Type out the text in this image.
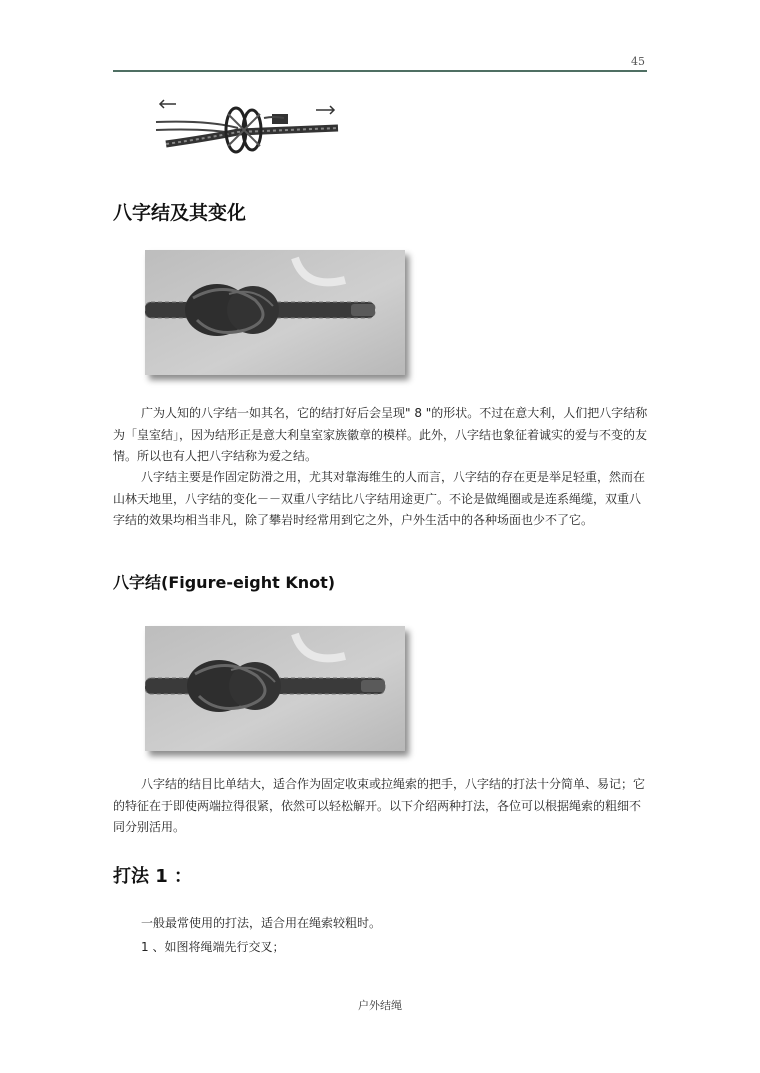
45
八字结及其变化

广为人知的八字结一如其名，它的结打好后会呈现" 8 "的形状。不过在意大利，人们把八字结称为「皇室结」，因为结形正是意大利皇室家族徽章的模样。此外，八字结也象征着诚实的爱与不变的友情。所以也有人把八字结称为爱之结。

八字结主要是作固定防滑之用，尤其对靠海维生的人而言，八字结的存在更是举足轻重，然而在山林天地里，八字结的变化－－双重八字结比八字结用途更广。不论是做绳圈或是连系绳缆，双重八字结的效果均相当非凡，除了攀岩时经常用到它之外，户外生活中的各种场面也少不了它。

八字结(Figure-eight Knot)

八字结的结目比单结大，适合作为固定收束或拉绳索的把手，八字结的打法十分简单、易记；它的特征在于即使两端拉得很紧，依然可以轻松解开。以下介绍两种打法，各位可以根据绳索的粗细不同分别活用。

打法 1 ：

一般最常使用的打法，适合用在绳索较粗时。

1 、如图将绳端先行交叉；

户外结绳
